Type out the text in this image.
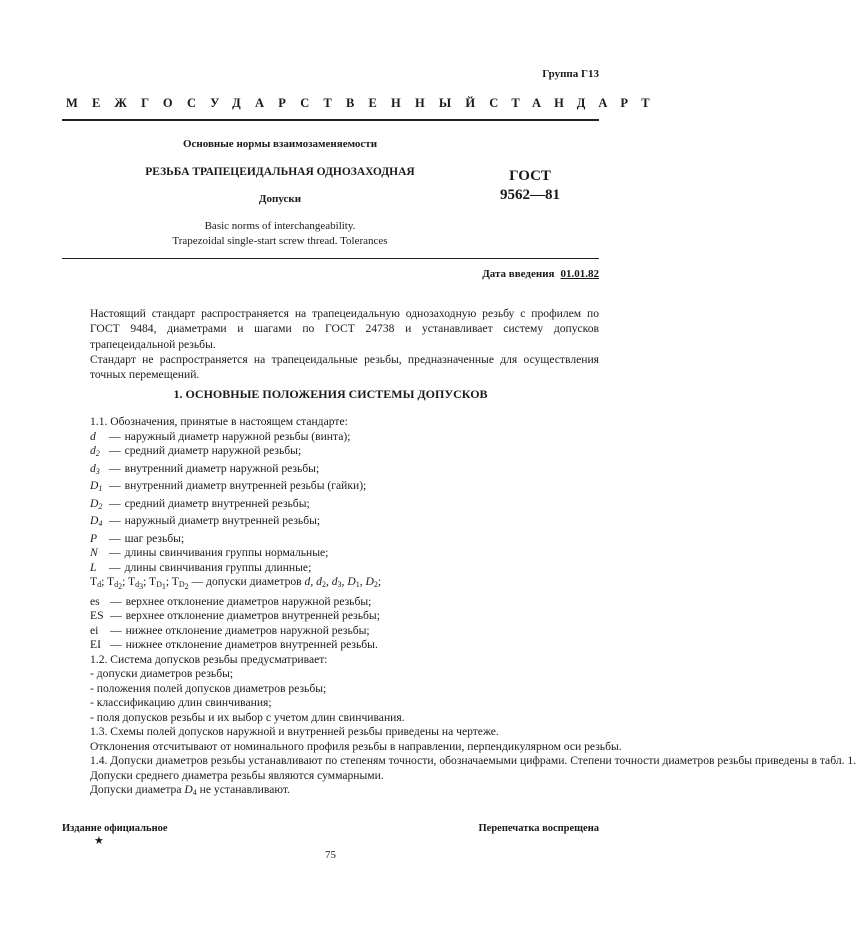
Группа Г13
МЕЖГОСУДАРСТВЕННЫЙ СТАНДАРТ
Основные нормы взаимозаменяемости
РЕЗЬБА ТРАПЕЦЕИДАЛЬНАЯ ОДНОЗАХОДНАЯ
Допуски
Basic norms of interchangeability.
Trapezoidal single-start screw thread. Tolerances
ГОСТ
9562—81
Дата введения 01.01.82
Настоящий стандарт распространяется на трапецеидальную однозаходную резьбу с профилем по ГОСТ 9484, диаметрами и шагами по ГОСТ 24738 и устанавливает систему допусков трапецеидальной резьбы.
Стандарт не распространяется на трапецеидальные резьбы, предназначенные для осуществления точных перемещений.
1. ОСНОВНЫЕ ПОЛОЖЕНИЯ СИСТЕМЫ ДОПУСКОВ
1.1. Обозначения, принятые в настоящем стандарте:
d — наружный диаметр наружной резьбы (винта);
$d_2$ — средний диаметр наружной резьбы;
$d_3$ — внутренний диаметр наружной резьбы;
$D_1$ — внутренний диаметр внутренней резьбы (гайки);
$D_2$ — средний диаметр внутренней резьбы;
$D_4$ — наружный диаметр внутренней резьбы;
P — шаг резьбы;
N — длины свинчивания группы нормальные;
L — длины свинчивания группы длинные;
$T_d$; $T_{d_2}$; $T_{d_3}$; $T_{D_1}$; $T_{D_2}$ — допуски диаметров d, $d_2$, $d_3$, $D_1$, $D_2$;
es — верхнее отклонение диаметров наружной резьбы;
ES — верхнее отклонение диаметров внутренней резьбы;
ei — нижнее отклонение диаметров наружной резьбы;
EI — нижнее отклонение диаметров внутренней резьбы.
1.2. Система допусков резьбы предусматривает:
- допуски диаметров резьбы;
- положения полей допусков диаметров резьбы;
- классификацию длин свинчивания;
- поля допусков резьбы и их выбор с учетом длин свинчивания.
1.3. Схемы полей допусков наружной и внутренней резьбы приведены на чертеже.
Отклонения отсчитывают от номинального профиля резьбы в направлении, перпендикулярном оси резьбы.
1.4. Допуски диаметров резьбы устанавливают по степеням точности, обозначаемыми цифрами. Степени точности диаметров резьбы приведены в табл. 1.
Допуски среднего диаметра резьбы являются суммарными.
Допуски диаметра $D_4$ не устанавливают.
Издание официальное	Перепечатка воспрещена
★
75
